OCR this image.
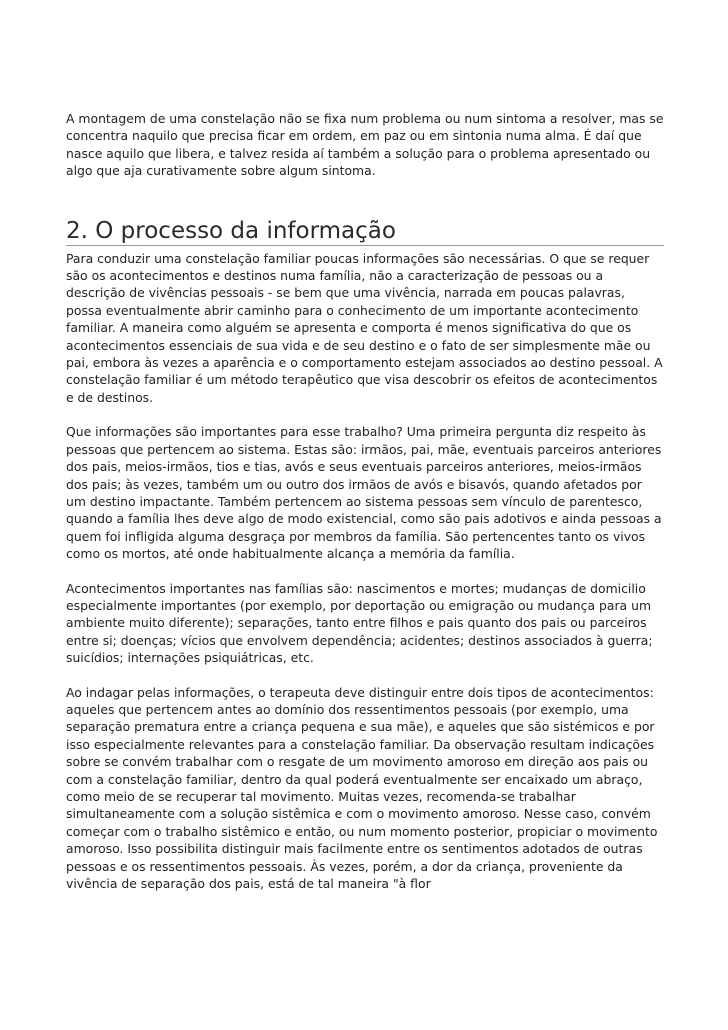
A montagem de uma constelação não se fixa num problema ou num sintoma a resolver, mas se concentra naquilo que precisa ficar em ordem, em paz ou em sintonia numa alma. É daí que nasce aquilo que libera, e talvez resida aí também a solução para o problema apresentado ou algo que aja curativamente sobre algum sintoma.

2. O processo da informação

Para conduzir uma constelação familiar poucas informações são necessárias. O que se requer são os acontecimentos e destinos numa família, não a caracterização de pessoas ou a descrição de vivências pessoais - se bem que uma vivência, narrada em poucas palavras, possa eventualmente abrir caminho para o conhecimento de um importante acontecimento familiar. A maneira como alguém se apresenta e comporta é menos significativa do que os acontecimentos essenciais de sua vida e de seu destino e o fato de ser simplesmente mãe ou pai, embora às vezes a aparência e o comportamento estejam associados ao destino pessoal. A constelação familiar é um método terapêutico que visa descobrir os efeitos de acontecimentos e de destinos.

Que informações são importantes para esse trabalho? Uma primeira pergunta diz respeito às pessoas que pertencem ao sistema. Estas são: irmãos, pai, mãe, eventuais parceiros anteriores dos pais, meios-irmãos, tios e tias, avós e seus eventuais parceiros anteriores, meios-irmãos dos pais; às vezes, também um ou outro dos irmãos de avós e bisavós, quando afetados por um destino impactante. Também pertencem ao sistema pessoas sem vínculo de parentesco, quando a família lhes deve algo de modo existencial, como são pais adotivos e ainda pessoas a quem foi infligida alguma desgraça por membros da família. São pertencentes tanto os vivos como os mortos, até onde habitualmente alcança a memória da família.

Acontecimentos importantes nas famílias são: nascimentos e mortes; mudanças de domicilio especialmente importantes (por exemplo, por deportação ou emigração ou mudança para um ambiente muito diferente); separações, tanto entre filhos e pais quanto dos pais ou parceiros entre si; doenças; vícios que envolvem dependência; acidentes; destinos associados à guerra; suicídios; internações psiquiátricas, etc.

Ao indagar pelas informações, o terapeuta deve distinguir entre dois tipos de acontecimentos: aqueles que pertencem antes ao domínio dos ressentimentos pessoais (por exemplo, uma separação prematura entre a criança pequena e sua mãe), e aqueles que são sistémicos e por isso especialmente relevantes para a constelação familiar. Da observação resultam indicações sobre se convém trabalhar com o resgate de um movimento amoroso em direção aos pais ou com a constelação familiar, dentro da qual poderá eventualmente ser encaixado um abraço, como meio de se recuperar tal movimento. Muitas vezes, recomenda-se trabalhar simultaneamente com a solução sistêmica e com o movimento amoroso. Nesse caso, convém começar com o trabalho sistêmico e então, ou num momento posterior, propiciar o movimento amoroso. Isso possibilita distinguir mais facilmente entre os sentimentos adotados de outras pessoas e os ressentimentos pessoais. Às vezes, porém, a dor da criança, proveniente da vivência de separação dos pais, está de tal maneira "à flor
